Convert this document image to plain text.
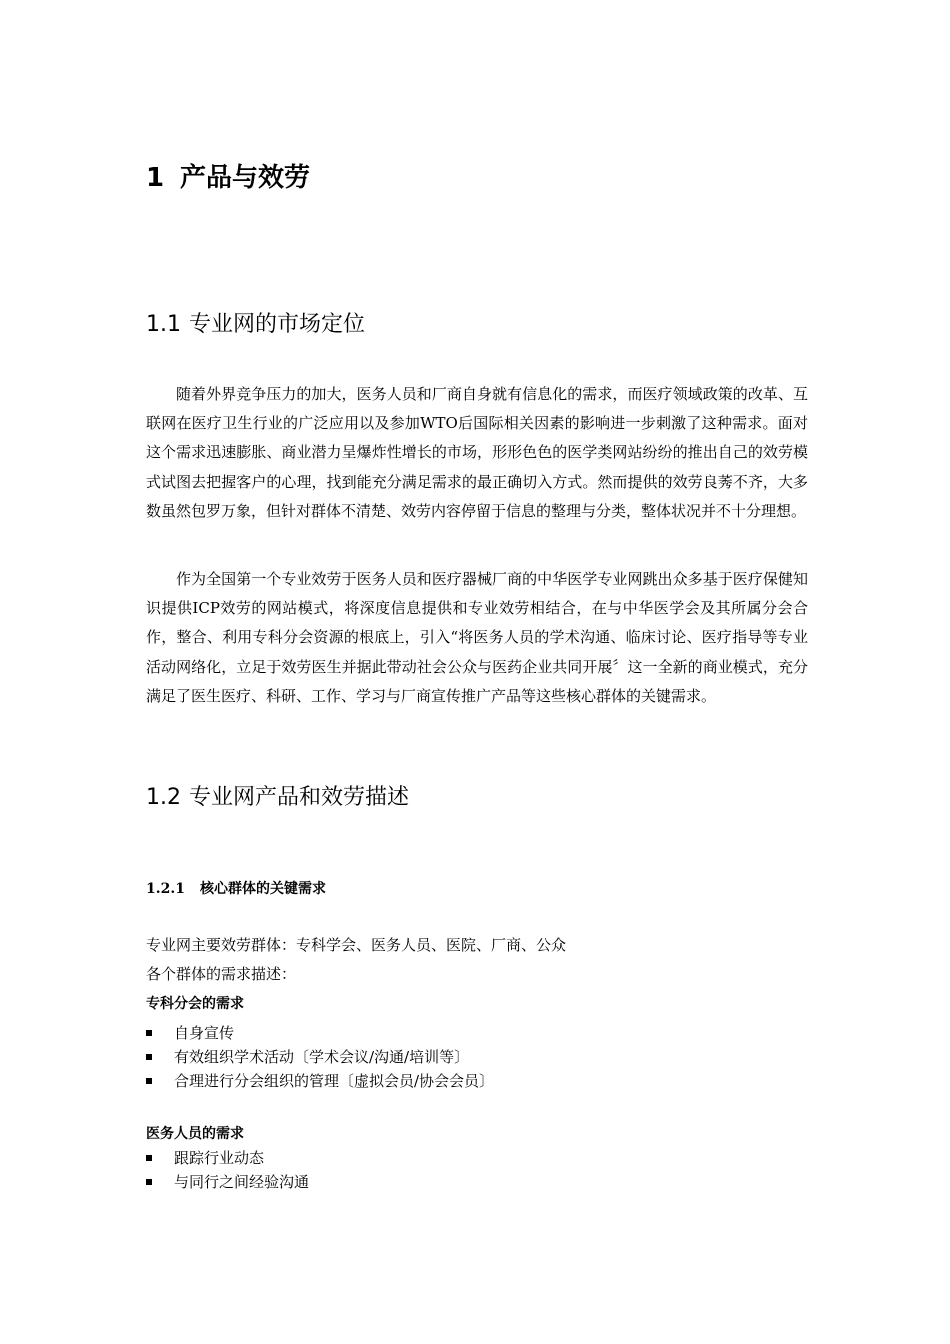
1 产品与效劳
1.1 专业网的市场定位

随着外界竞争压力的加大，医务人员和厂商自身就有信息化的需求，而医疗领域政策的改革、互联网在医疗卫生行业的广泛应用以及参加WTO后国际相关因素的影响进一步刺激了这种需求。面对这个需求迅速膨胀、商业潜力呈爆炸性增长的市场，形形色色的医学类网站纷纷的推出自己的效劳模式试图去把握客户的心理，找到能充分满足需求的最正确切入方式。然而提供的效劳良莠不齐，大多数虽然包罗万象，但针对群体不清楚、效劳内容停留于信息的整理与分类，整体状况并不十分理想。

作为全国第一个专业效劳于医务人员和医疗器械厂商的中华医学专业网跳出众多基于医疗保健知识提供ICP效劳的网站模式，将深度信息提供和专业效劳相结合，在与中华医学会及其所属分会合作，整合、利用专科分会资源的根底上，引入“将医务人员的学术沟通、临床讨论、医疗指导等专业活动网络化，立足于效劳医生并据此带动社会公众与医药企业共同开展〞这一全新的商业模式，充分满足了医生医疗、科研、工作、学习与厂商宣传推广产品等这些核心群体的关键需求。

1.2 专业网产品和效劳描述
1.2.1 核心群体的关键需求
专业网主要效劳群体：专科学会、医务人员、医院、厂商、公众
各个群体的需求描述：
专科分会的需求
自身宣传
有效组织学术活动〔学术会议/沟通/培训等〕
合理进行分会组织的管理〔虚拟会员/协会会员〕
医务人员的需求
跟踪行业动态
与同行之间经验沟通
